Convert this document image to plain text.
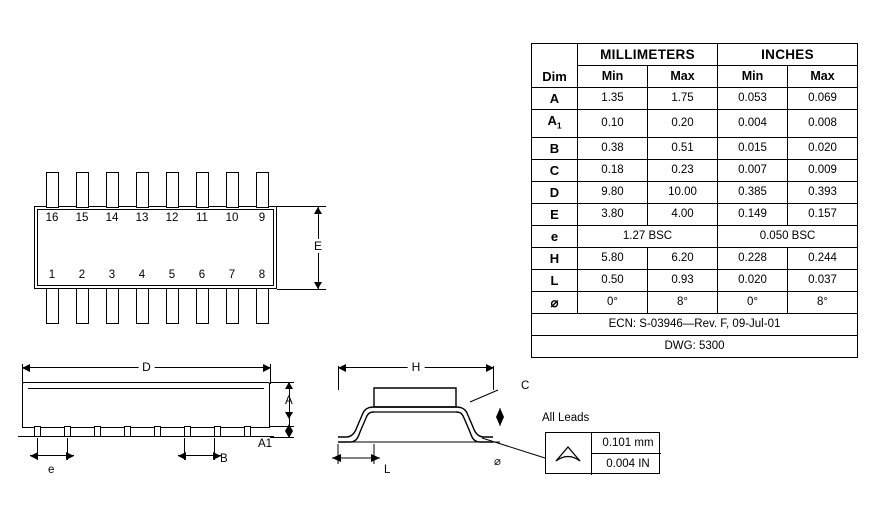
	MILLIMETERS		INCHES	
Dim	Min	Max	Min	Max
A	1.35	1.75	0.053	0.069
$A_1$	0.10	0.20	0.004	0.008
B	0.38	0.51	0.015	0.020
C	0.18	0.23	0.007	0.009
D	9.80	10.00	0.385	0.393
E	3.80	4.00	0.149	0.157
e	1.27 BSC		0.050 BSC	
H	5.80	6.20	0.228	0.244
L	0.50	0.93	0.020	0.037
⌀	0°	8°	0°	8°
ECN: S-03946—Rev. F, 09-Jul-01				
DWG: 5300				
16	15	14	13	12	11	10	9
1	2	3	4	5	6	7	8
E
D
A
A1
e
B
H
L
C
⌀
All Leads
0.101 mm
0.004 IN
